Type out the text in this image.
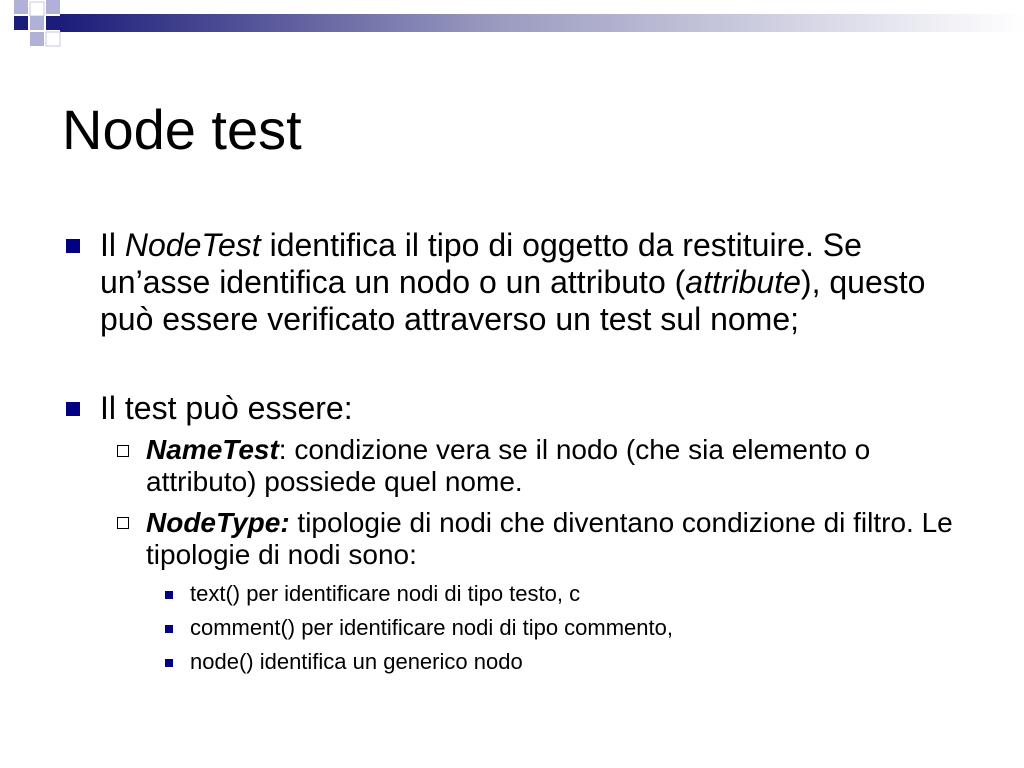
Node test
Il NodeTest identifica il tipo di oggetto da restituire. Se un’asse identifica un nodo o un attributo (attribute), questo può essere verificato attraverso un test sul nome;
Il test può essere:
NameTest: condizione vera se il nodo (che sia elemento o attributo) possiede quel nome.
NodeType: tipologie di nodi che diventano condizione di filtro. Le tipologie di nodi sono:
text() per identificare nodi di tipo testo, c
comment() per identificare nodi di tipo commento,
node() identifica un generico nodo
